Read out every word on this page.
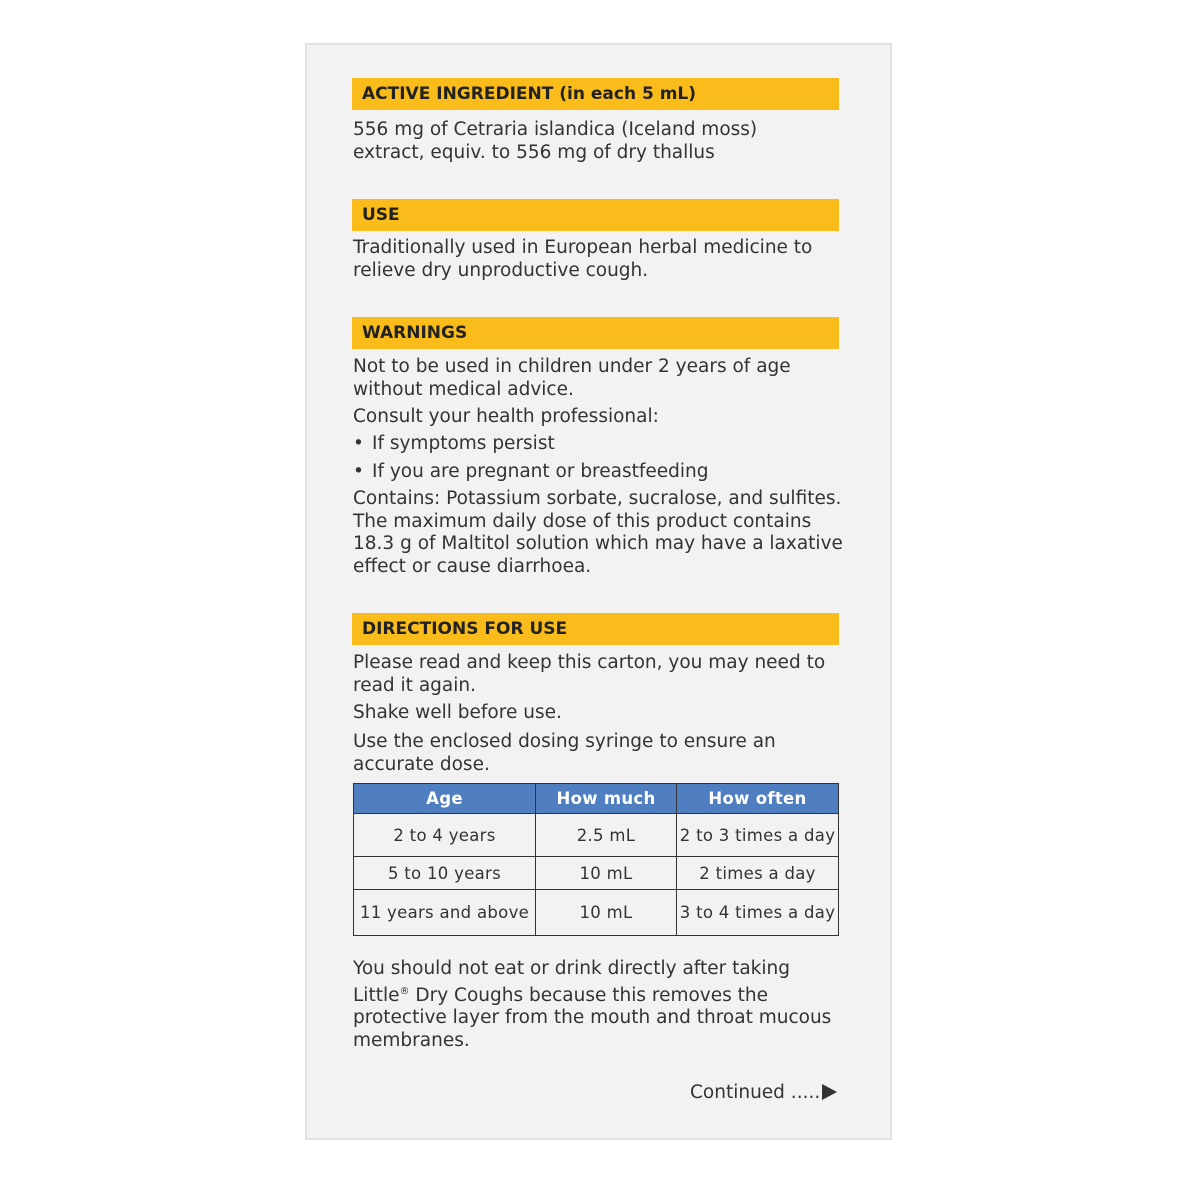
ACTIVE INGREDIENT (in each 5 mL)
556 mg of Cetraria islandica (Iceland moss)
extract, equiv. to 556 mg of dry thallus
USE
Traditionally used in European herbal medicine to
relieve dry unproductive cough.
WARNINGS
Not to be used in children under 2 years of age
without medical advice.
Consult your health professional:
• If symptoms persist
• If you are pregnant or breastfeeding
Contains: Potassium sorbate, sucralose, and sulfites.
The maximum daily dose of this product contains
18.3 g of Maltitol solution which may have a laxative
effect or cause diarrhoea.
DIRECTIONS FOR USE
Please read and keep this carton, you may need to
read it again.
Shake well before use.
Use the enclosed dosing syringe to ensure an
accurate dose.
Age	How much	How often
2 to 4 years	2.5 mL	2 to 3 times a day
5 to 10 years	10 mL	2 times a day
11 years and above	10 mL	3 to 4 times a day
You should not eat or drink directly after taking
Little® Dry Coughs because this removes the
protective layer from the mouth and throat mucous
membranes.
Continued .....
